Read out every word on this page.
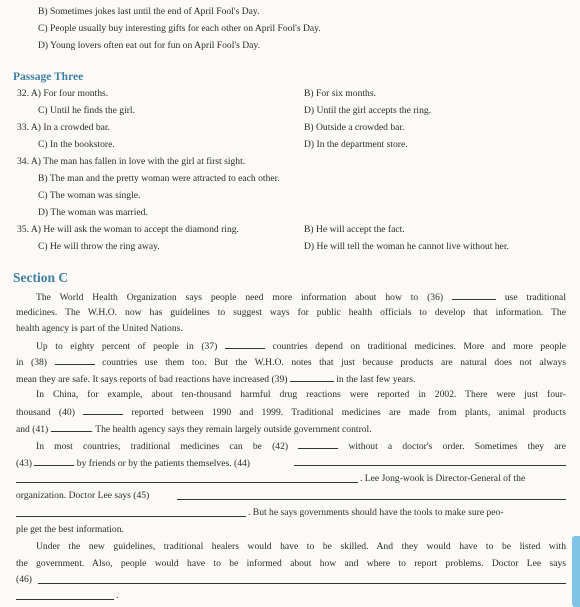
B) Sometimes jokes last until the end of April Fool's Day.
C) People usually buy interesting gifts for each other on April Fool's Day.
D) Young lovers often eat out for fun on April Fool's Day.
Passage Three
32. A) For four months.	B) For six months.
C) Until he finds the girl.	D) Until the girl accepts the ring.
33. A) In a crowded bar.	B) Outside a crowded bar.
C) In the bookstore.	D) In the department store.
34. A) The man has fallen in love with the girl at first sight.
B) The man and the pretty woman were attracted to each other.
C) The woman was single.
D) The woman was married.
35. A) He will ask the woman to accept the diamond ring.	B) He will accept the fact.
C) He will throw the ring away.	D) He will tell the woman he cannot live without her.
Section C
The World Health Organization says people need more information about how to (36)	use traditional
medicines. The W.H.O. now has guidelines to suggest ways for public health officials to develop that information. The
health agency is part of the United Nations.
Up to eighty percent of people in (37)	countries depend on traditional medicines. More and more people
in (38)	countries use them too. But the W.H.O. notes that just because products are natural does not always
mean they are safe. It says reports of bad reactions have increased (39)	in the last few years.
In China, for example, about ten-thousand harmful drug reactions were reported in 2002. There were just four-
thousand (40)	reported between 1990 and 1999. Traditional medicines are made from plants, animal products
and (41)	. The health agency says they remain largely outside government control.
In most countries, traditional medicines can be (42)	without a doctor's order. Sometimes they are
(43)	by friends or by the patients themselves. (44)
. Lee Jong-wook is Director-General of the
organization. Doctor Lee says (45)
. But he says governments should have the tools to make sure peo-
ple get the best information.
Under the new guidelines, traditional healers would have to be skilled. And they would have to be listed with
the government. Also, people would have to be informed about how and where to report problems. Doctor Lee says
(46)
.
